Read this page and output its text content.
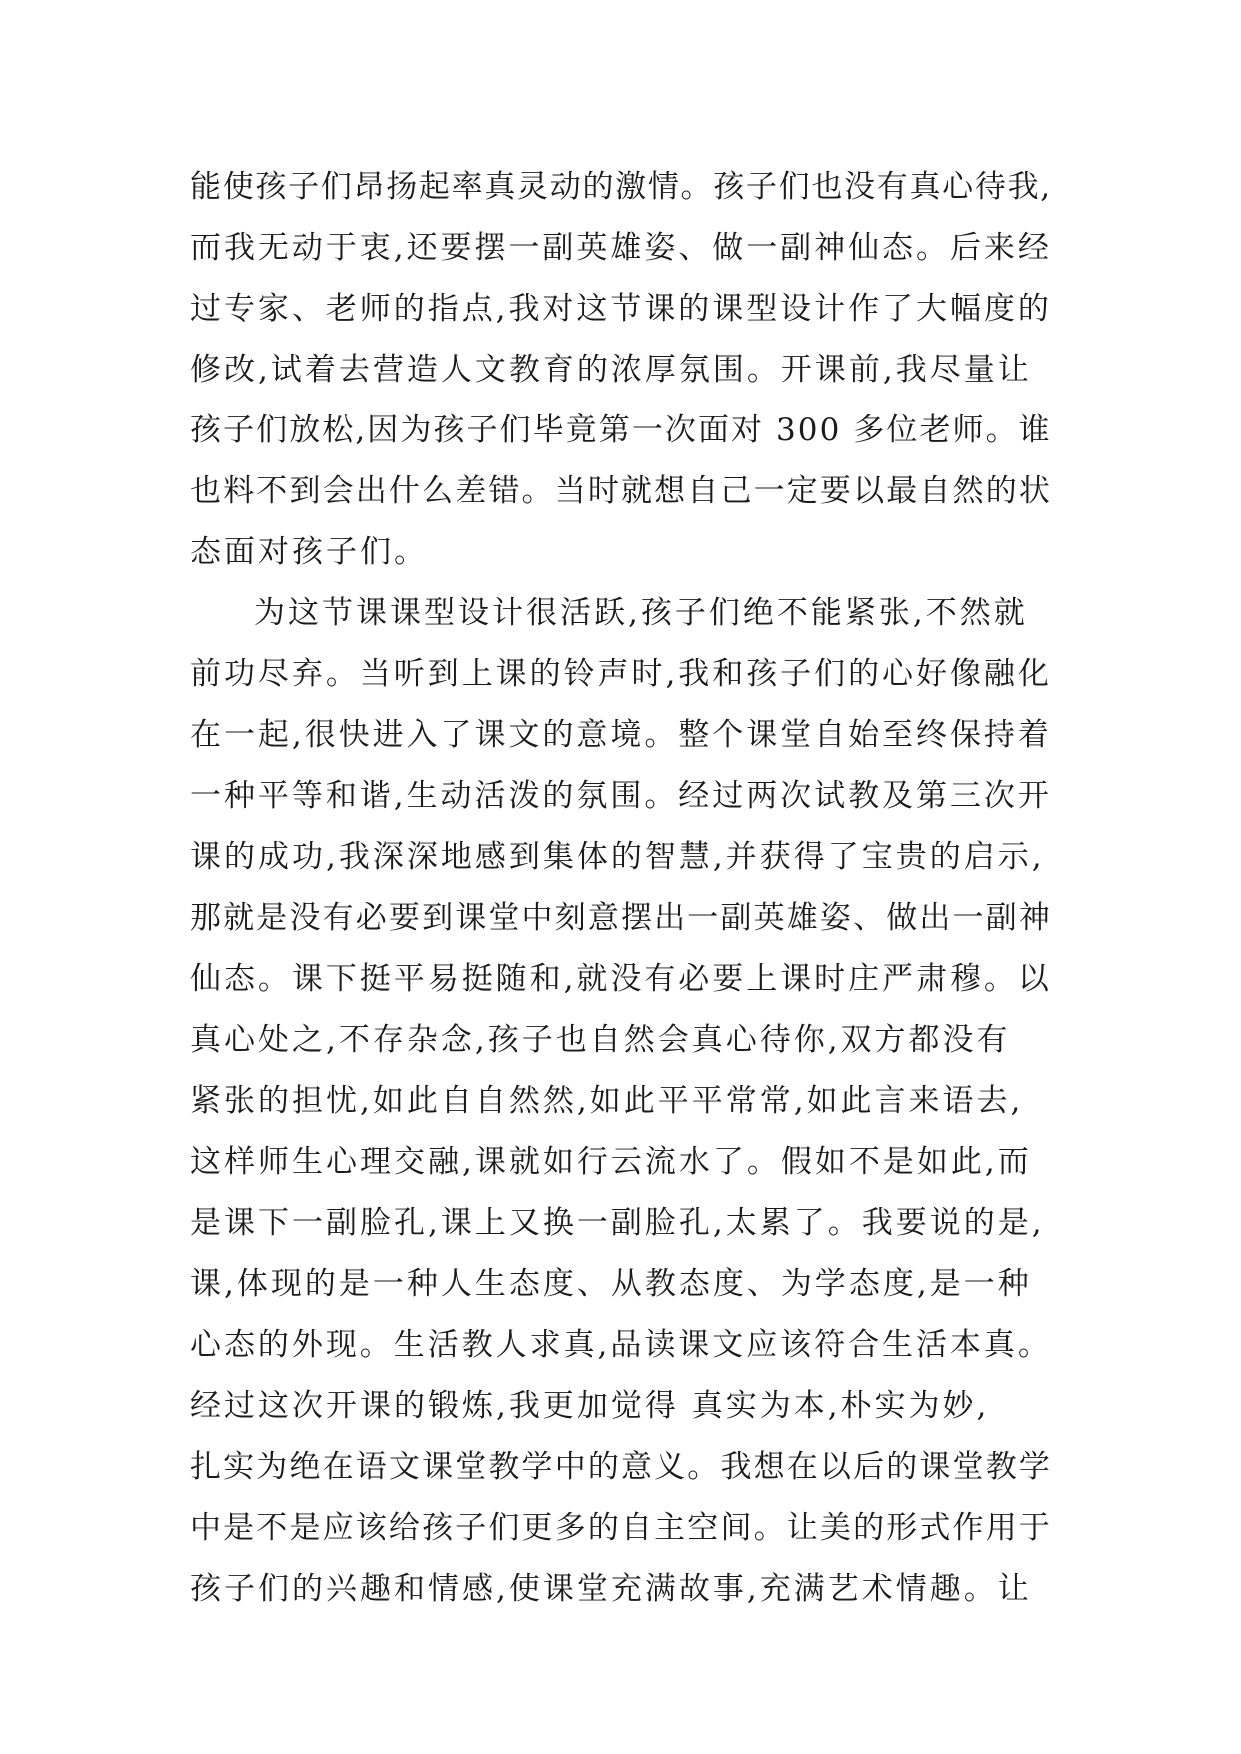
能使孩子们昂扬起率真灵动的激情。孩子们也没有真心待我,
而我无动于衷,还要摆一副英雄姿、做一副神仙态。后来经
过专家、老师的指点,我对这节课的课型设计作了大幅度的
修改,试着去营造人文教育的浓厚氛围。开课前,我尽量让
孩子们放松,因为孩子们毕竟第一次面对 300 多位老师。谁
也料不到会出什么差错。当时就想自己一定要以最自然的状
态面对孩子们。
为这节课课型设计很活跃,孩子们绝不能紧张,不然就
前功尽弃。当听到上课的铃声时,我和孩子们的心好像融化
在一起,很快进入了课文的意境。整个课堂自始至终保持着
一种平等和谐,生动活泼的氛围。经过两次试教及第三次开
课的成功,我深深地感到集体的智慧,并获得了宝贵的启示,
那就是没有必要到课堂中刻意摆出一副英雄姿、做出一副神
仙态。课下挺平易挺随和,就没有必要上课时庄严肃穆。以
真心处之,不存杂念,孩子也自然会真心待你,双方都没有
紧张的担忧,如此自自然然,如此平平常常,如此言来语去,
这样师生心理交融,课就如行云流水了。假如不是如此,而
是课下一副脸孔,课上又换一副脸孔,太累了。我要说的是,
课,体现的是一种人生态度、从教态度、为学态度,是一种
心态的外现。生活教人求真,品读课文应该符合生活本真。
经过这次开课的锻炼,我更加觉得 真实为本,朴实为妙,
扎实为绝在语文课堂教学中的意义。我想在以后的课堂教学
中是不是应该给孩子们更多的自主空间。让美的形式作用于
孩子们的兴趣和情感,使课堂充满故事,充满艺术情趣。让
